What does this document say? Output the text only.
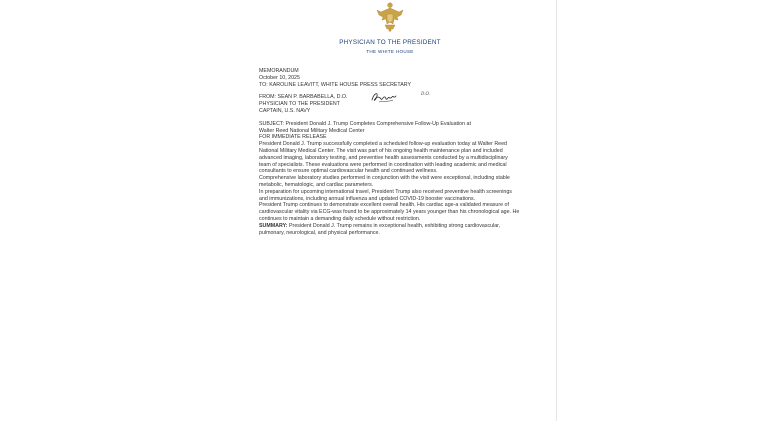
PHYSICIAN TO THE PRESIDENT
THE WHITE HOUSE

MEMORANDUM

October 10, 2025

TO: KAROLINE LEAVITT, WHITE HOUSE PRESS SECRETARY

FROM: SEAN P. BARBABELLA, D.O.

PHYSICIAN TO THE PRESIDENT

CAPTAIN, U.S. NAVY

D.O.

SUBJECT: President Donald J. Trump Completes Comprehensive Follow-Up Evaluation at

Walter Reed National Military Medical Center

FOR IMMEDIATE RELEASE

President Donald J. Trump successfully completed a scheduled follow-up evaluation today at Walter Reed National Military Medical Center. The visit was part of his ongoing health maintenance plan and included advanced imaging, laboratory testing, and preventive health assessments conducted by a multidisciplinary team of specialists. These evaluations were performed in coordination with leading academic and medical consultants to ensure optimal cardiovascular health and continued wellness.

Comprehensive laboratory studies performed in conjunction with the visit were exceptional, including stable metabolic, hematologic, and cardiac parameters.

In preparation for upcoming international travel, President Trump also received preventive health screenings and immunizations, including annual influenza and updated COVID-19 booster vaccinations.

President Trump continues to demonstrate excellent overall health. His cardiac age-a validated measure of cardiovascular vitality via ECG-was found to be approximately 14 years younger than his chronological age. He continues to maintain a demanding daily schedule without restriction.

SUMMARY: President Donald J. Trump remains in exceptional health, exhibiting strong cardiovascular, pulmonary, neurological, and physical performance.
